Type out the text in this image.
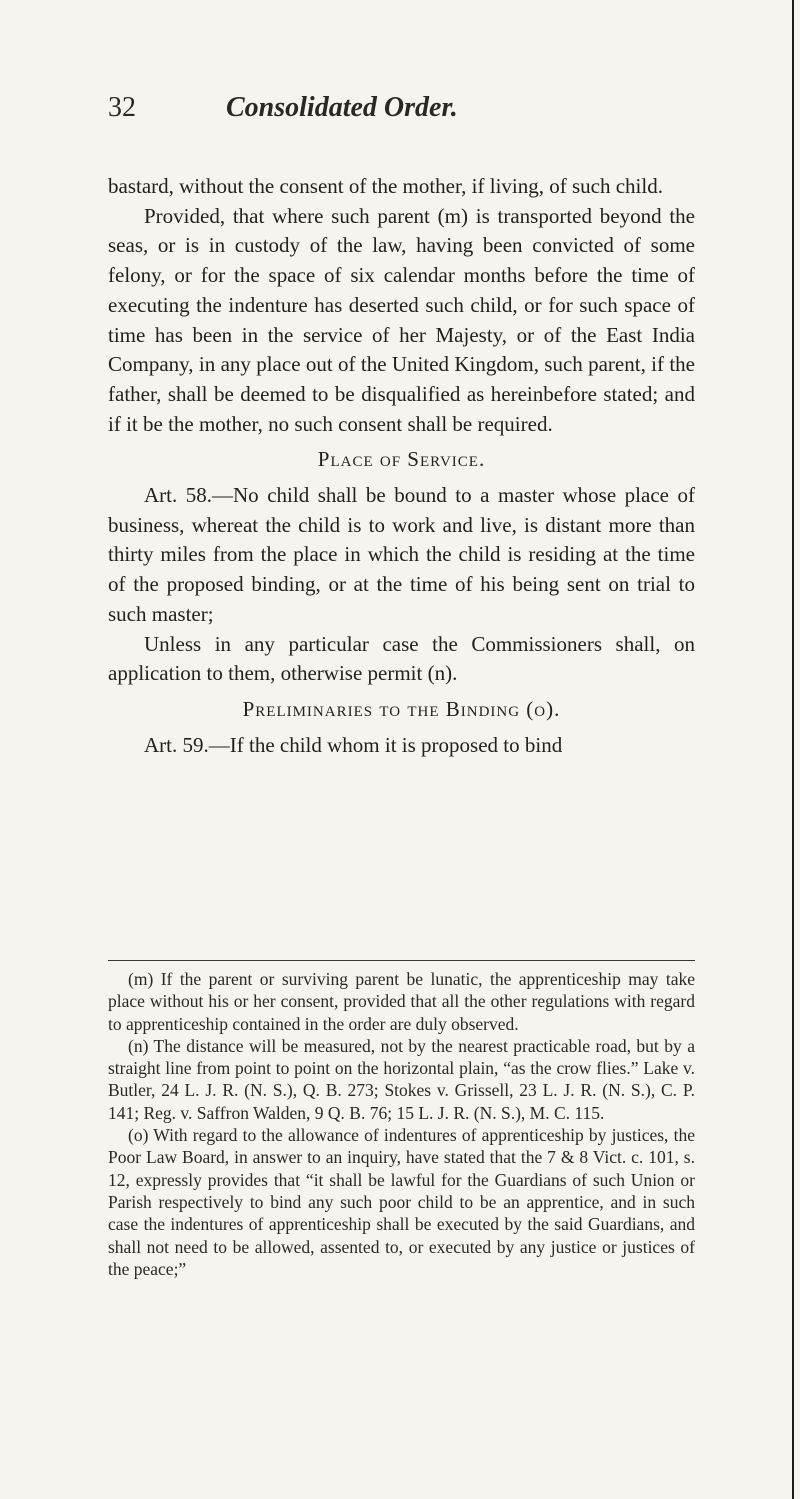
32	Consolidated Order.

bastard, without the consent of the mother, if living, of such child.

Provided, that where such parent (m) is transported beyond the seas, or is in custody of the law, having been convicted of some felony, or for the space of six calendar months before the time of executing the indenture has deserted such child, or for such space of time has been in the service of her Majesty, or of the East India Company, in any place out of the United Kingdom, such parent, if the father, shall be deemed to be disqualified as hereinbefore stated; and if it be the mother, no such consent shall be required.

Place of Service.

Art. 58.—No child shall be bound to a master whose place of business, whereat the child is to work and live, is distant more than thirty miles from the place in which the child is residing at the time of the proposed binding, or at the time of his being sent on trial to such master;

Unless in any particular case the Commissioners shall, on application to them, otherwise permit (n).

Preliminaries to the Binding (o).

Art. 59.—If the child whom it is proposed to bind

(m) If the parent or surviving parent be lunatic, the apprenticeship may take place without his or her consent, provided that all the other regulations with regard to apprenticeship contained in the order are duly observed.

(n) The distance will be measured, not by the nearest practicable road, but by a straight line from point to point on the horizontal plain, “as the crow flies.” Lake v. Butler, 24 L. J. R. (N. S.), Q. B. 273; Stokes v. Grissell, 23 L. J. R. (N. S.), C. P. 141; Reg. v. Saffron Walden, 9 Q. B. 76; 15 L. J. R. (N. S.), M. C. 115.

(o) With regard to the allowance of indentures of apprenticeship by justices, the Poor Law Board, in answer to an inquiry, have stated that the 7 & 8 Vict. c. 101, s. 12, expressly provides that “it shall be lawful for the Guardians of such Union or Parish respectively to bind any such poor child to be an apprentice, and in such case the indentures of apprenticeship shall be executed by the said Guardians, and shall not need to be allowed, assented to, or executed by any justice or justices of the peace;”
